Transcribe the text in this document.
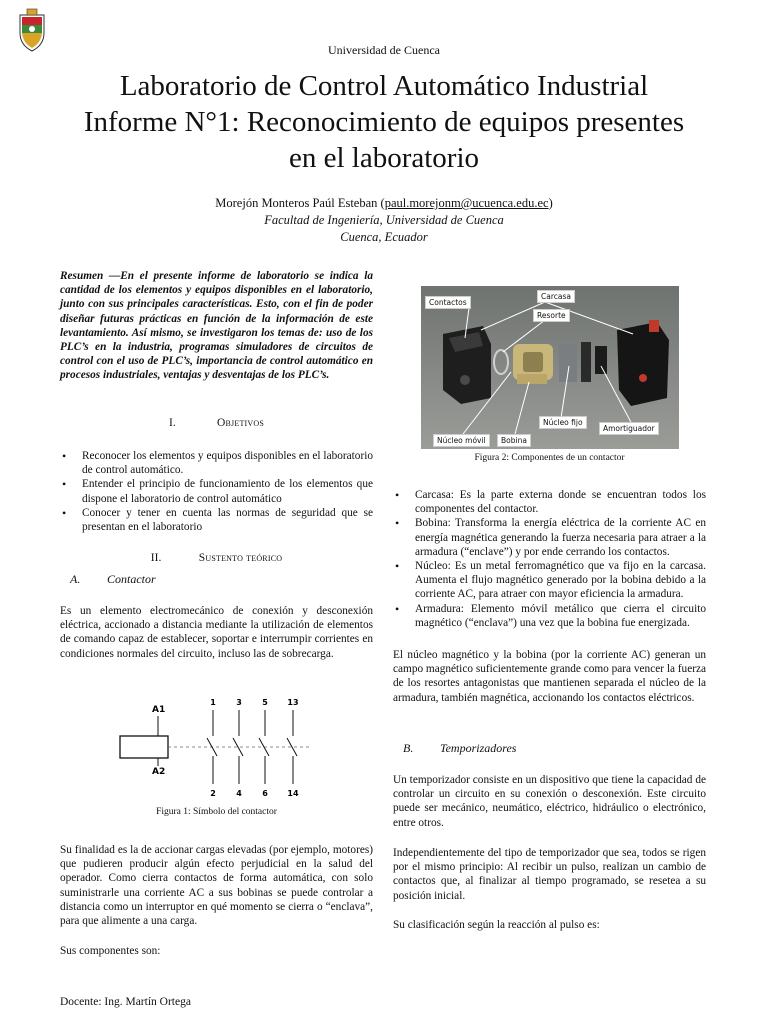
Universidad de Cuenca
Laboratorio de Control Automático Industrial
Informe N°1: Reconocimiento de equipos presentes
en el laboratorio
Morejón Monteros Paúl Esteban (paul.morejonm@ucuenca.edu.ec)
Facultad de Ingeniería, Universidad de Cuenca
Cuenca, Ecuador
Resumen —En el presente informe de laboratorio se indica la cantidad de los elementos y equipos disponibles en el laboratorio, junto con sus principales características. Esto, con el fin de poder diseñar futuras prácticas en función de la información de este levantamiento. Así mismo, se investigaron los temas de: uso de los PLC’s en la industria, programas simuladores de circuitos de control con el uso de PLC’s, importancia de control automático en procesos industriales, ventajas y desventajas de los PLC’s.
I.	Objetivos
• Reconocer los elementos y equipos disponibles en el laboratorio de control automático.
• Entender el principio de funcionamiento de los elementos que dispone el laboratorio de control automático
• Conocer y tener en cuenta las normas de seguridad que se presentan en el laboratorio
II.	Sustento teórico
A. Contactor
Es un elemento electromecánico de conexión y desconexión eléctrica, accionado a distancia mediante la utilización de elementos de comando capaz de establecer, soportar e interrumpir corrientes en condiciones normales del circuito, incluso las de sobrecarga.
A1
A2
1	3	5 13
2	4	6 14
Figura 1: Símbolo del contactor
Su finalidad es la de accionar cargas elevadas (por ejemplo, motores) que pudieren producir algún efecto perjudicial en la salud del operador. Como cierra contactos de forma automática, con solo suministrarle una corriente AC a sus bobinas se puede controlar a distancia como un interruptor en qué momento se cierra o “enclava”, para que alimente a una carga.
Sus componentes son:
Docente: Ing. Martín Ortega
Contactos
Carcasa
Resorte
Núcleo fijo
Amortiguador
Núcleo móvil	Bobina
Figura 2: Componentes de un contactor
• Carcasa: Es la parte externa donde se encuentran todos los componentes del contactor.
• Bobina: Transforma la energía eléctrica de la corriente AC en energía magnética generando la fuerza necesaria para atraer a la armadura (“enclave”) y por ende cerrando los contactos.
• Núcleo: Es un metal ferromagnético que va fijo en la carcasa. Aumenta el flujo magnético generado por la bobina debido a la corriente AC, para atraer con mayor eficiencia la armadura.
• Armadura: Elemento móvil metálico que cierra el circuito magnético (“enclava”) una vez que la bobina fue energizada.
El núcleo magnético y la bobina (por la corriente AC) generan un campo magnético suficientemente grande como para vencer la fuerza de los resortes antagonistas que mantienen separada el núcleo de la armadura, también magnética, accionando los contactos eléctricos.
B. Temporizadores
Un temporizador consiste en un dispositivo que tiene la capacidad de controlar un circuito en su conexión o desconexión. Este circuito puede ser mecánico, neumático, eléctrico, hidráulico o electrónico, entre otros.
Independientemente del tipo de temporizador que sea, todos se rigen por el mismo principio: Al recibir un pulso, realizan un cambio de contactos que, al finalizar al tiempo programado, se resetea a su posición inicial.
Su clasificación según la reacción al pulso es:
